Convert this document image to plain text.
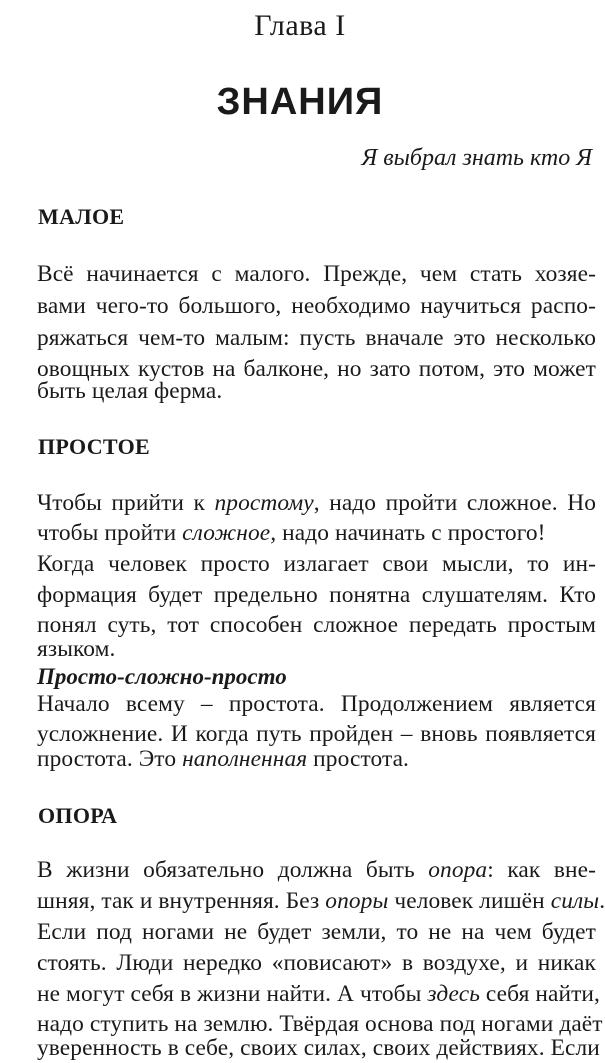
Глава I
ЗНАНИЯ
Я выбрал знать кто Я
МАЛОЕ
Всё начинается с малого. Прежде, чем стать хозяе-
вами чего-то большого, необходимо научиться распо-
ряжаться чем-то малым: пусть вначале это несколько
овощных кустов на балконе, но зато потом, это может
быть целая ферма.
ПРОСТОЕ
Чтобы прийти к простому, надо пройти сложное. Но
чтобы пройти сложное, надо начинать с простого!
Когда человек просто излагает свои мысли, то ин-
формация будет предельно понятна слушателям. Кто
понял суть, тот способен сложное передать простым
языком.
Просто-сложно-просто
Начало всему – простота. Продолжением является
усложнение. И когда путь пройден – вновь появляется
простота. Это наполненная простота.
ОПОРА
В жизни обязательно должна быть опора: как вне-
шняя, так и внутренняя. Без опоры человек лишён силы.
Если под ногами не будет земли, то не на чем будет
стоять. Люди нередко «повисают» в воздухе, и никак
не могут себя в жизни найти. А чтобы здесь себя найти,
надо ступить на землю. Твёрдая основа под ногами даёт
уверенность в себе, своих силах, своих действиях. Если
